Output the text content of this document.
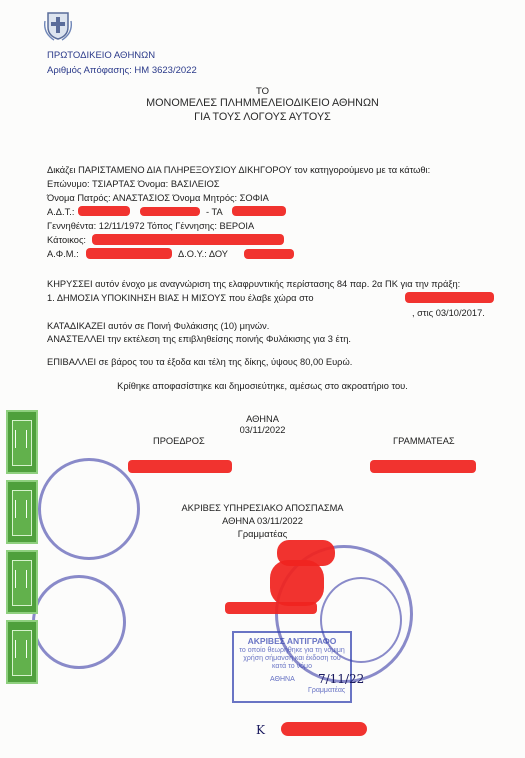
ΠΡΩΤΟΔΙΚΕΙΟ ΑΘΗΝΩΝ
Αριθμός Απόφασης: ΗΜ 3623/2022
ΤΟ
ΜΟΝΟΜΕΛΕΣ ΠΛΗΜΜΕΛΕΙΟΔΙΚΕΙΟ ΑΘΗΝΩΝ
ΓΙΑ ΤΟΥΣ ΛΟΓΟΥΣ ΑΥΤΟΥΣ
Δικάζει ΠΑΡΙΣΤΑΜΕΝΟ ΔΙΑ ΠΛΗΡΕΞΟΥΣΙΟΥ ΔΙΚΗΓΟΡΟΥ τον κατηγορούμενο με τα κάτωθι:
Επώνυμο: ΤΣΙΑΡΤΑΣ Όνομα: ΒΑΣΙΛΕΙΟΣ
Όνομα Πατρός: ΑΝΑΣΤΑΣΙΟΣ Όνομα Μητρός: ΣΟΦΙΑ
Α.Δ.Τ.:	- ΤΑ
Γεννηθέντα: 12/11/1972 Τόπος Γέννησης: ΒΕΡΟΙΑ
Κάτοικος:
Α.Φ.Μ.:	Δ.Ο.Υ.: ΔΟΥ
ΚΗΡΥΣΣΕΙ αυτόν ένοχο με αναγνώριση της ελαφρυντικής περίστασης 84 παρ. 2α ΠΚ για την πράξη:
1. ΔΗΜΟΣΙΑ ΥΠΟΚΙΝΗΣΗ ΒΙΑΣ Η ΜΙΣΟΥΣ που έλαβε χώρα στο
, στις 03/10/2017.
ΚΑΤΑΔΙΚΑΖΕΙ αυτόν σε Ποινή Φυλάκισης (10) μηνών.
ΑΝΑΣΤΕΛΛΕΙ την εκτέλεση της επιβληθείσης ποινής Φυλάκισης για 3 έτη.
ΕΠΙΒΑΛΛΕΙ σε βάρος του τα έξοδα και τέλη της δίκης, ύψους 80,00 Ευρώ.
Κρίθηκε αποφασίστηκε και δημοσιεύτηκε, αμέσως στο ακροατήριο του.
ΑΘΗΝΑ
03/11/2022
ΠΡΟΕΔΡΟΣ	ΓΡΑΜΜΑΤΕΑΣ
ΑΚΡΙΒΕΣ ΥΠΗΡΕΣΙΑΚΟ ΑΠΟΣΠΑΣΜΑ
ΑΘΗΝΑ 03/11/2022
Γραμματέας
ΑΚΡΙΒΕΣ ΑΝΤΙΓΡΑΦΟ
το οποίο θεωρήθηκε για τη νόμιμη χρήση σήμανση και έκδοση του κατά το νόμο
ΑΘΗΝΑ 7/11/22
Γραμματέας
Κ
